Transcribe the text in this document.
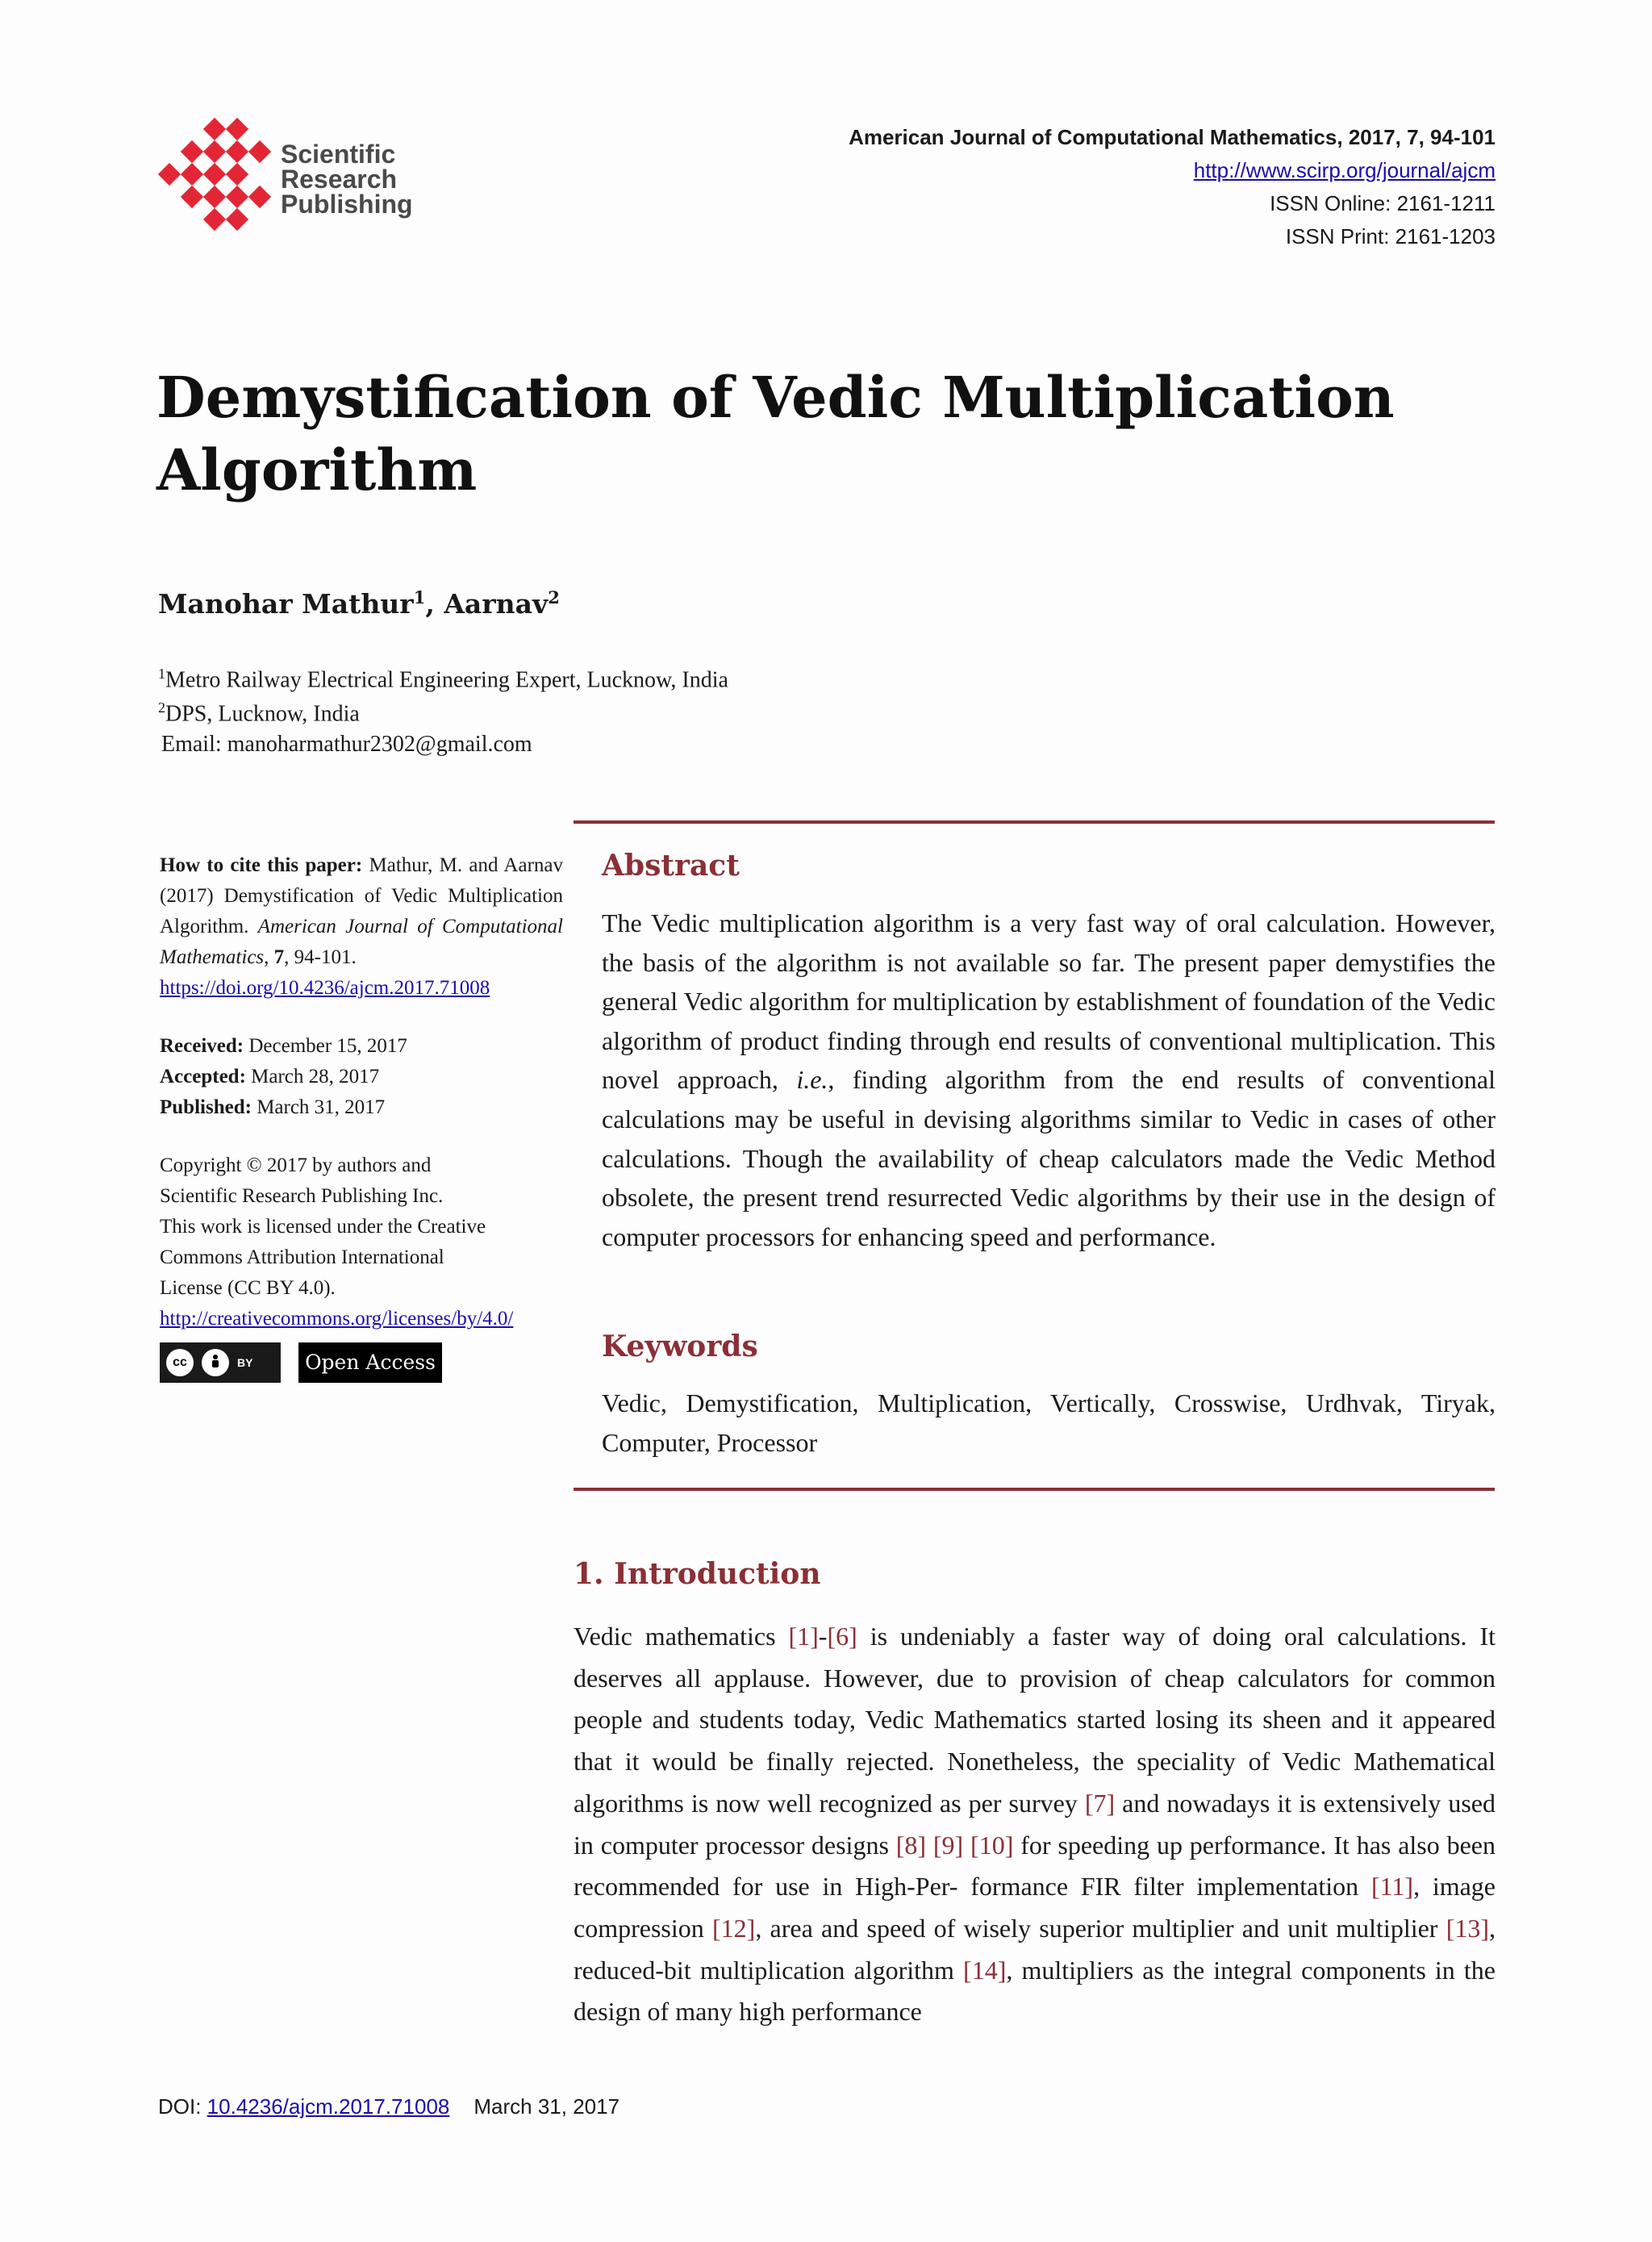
Scientific
Research
Publishing
American Journal of Computational Mathematics, 2017, 7, 94-101
http://www.scirp.org/journal/ajcm
ISSN Online: 2161-1211
ISSN Print: 2161-1203
Demystification of Vedic Multiplication
Algorithm
Manohar Mathur$^1$, Aarnav$^2$
$^1$Metro Railway Electrical Engineering Expert, Lucknow, India
$^2$DPS, Lucknow, India
Email: manoharmathur2302@gmail.com

How to cite this paper: Mathur, M. and Aarnav (2017) Demystification of Vedic Multiplication Algorithm. American Journal of Computational Mathematics, 7, 94-101.
https://doi.org/10.4236/ajcm.2017.71008

Received: December 15, 2017
Accepted: March 28, 2017
Published: March 31, 2017

Copyright © 2017 by authors and
Scientific Research Publishing Inc.
This work is licensed under the Creative
Commons Attribution International
License (CC BY 4.0).
http://creativecommons.org/licenses/by/4.0/

cc	BY	Open Access
Abstract

The Vedic multiplication algorithm is a very fast way of oral calculation. However, the basis of the algorithm is not available so far. The present paper demystifies the general Vedic algorithm for multiplication by establishment of foundation of the Vedic algorithm of product finding through end results of conventional multiplication. This novel approach, i.e., finding algorithm from the end results of conventional calculations may be useful in devising algorithms similar to Vedic in cases of other calculations. Though the availability of cheap calculators made the Vedic Method obsolete, the present trend resurrected Vedic algorithms by their use in the design of computer processors for enhancing speed and performance.

Keywords

Vedic, Demystification, Multiplication, Vertically, Crosswise, Urdhvak, Tiryak, Computer, Processor

1. Introduction

Vedic mathematics [1]-[6] is undeniably a faster way of doing oral calculations. It deserves all applause. However, due to provision of cheap calculators for common people and students today, Vedic Mathematics started losing its sheen and it appeared that it would be finally rejected. Nonetheless, the speciality of Vedic Mathematical algorithms is now well recognized as per survey [7] and nowadays it is extensively used in computer processor designs [8] [9] [10] for speeding up performance. It has also been recommended for use in High-Per- formance FIR filter implementation [11], image compression [12], area and speed of wisely superior multiplier and unit multiplier [13], reduced-bit multiplication algorithm [14], multipliers as the integral components in the design of many high performance

DOI: 10.4236/ajcm.2017.71008 March 31, 2017
